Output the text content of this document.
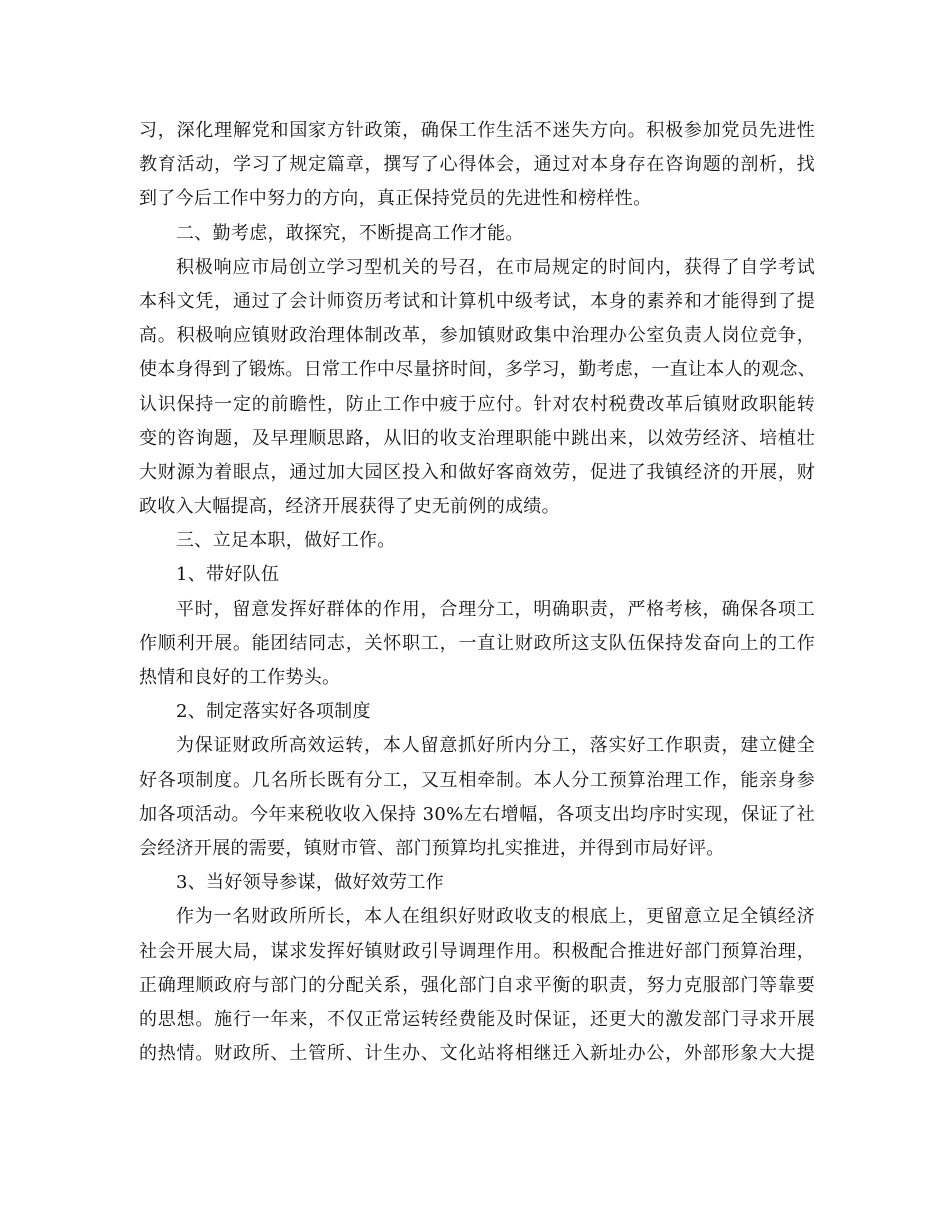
习，深化理解党和国家方针政策，确保工作生活不迷失方向。积极参加党员先进性
教育活动，学习了规定篇章，撰写了心得体会，通过对本身存在咨询题的剖析，找
到了今后工作中努力的方向，真正保持党员的先进性和榜样性。
二、勤考虑，敢探究，不断提高工作才能。
积极响应市局创立学习型机关的号召，在市局规定的时间内，获得了自学考试
本科文凭，通过了会计师资历考试和计算机中级考试，本身的素养和才能得到了提
高。积极响应镇财政治理体制改革，参加镇财政集中治理办公室负责人岗位竞争，
使本身得到了锻炼。日常工作中尽量挤时间，多学习，勤考虑，一直让本人的观念、
认识保持一定的前瞻性，防止工作中疲于应付。针对农村税费改革后镇财政职能转
变的咨询题，及早理顺思路，从旧的收支治理职能中跳出来，以效劳经济、培植壮
大财源为着眼点，通过加大园区投入和做好客商效劳，促进了我镇经济的开展，财
政收入大幅提高，经济开展获得了史无前例的成绩。
三、立足本职，做好工作。
1、带好队伍
平时，留意发挥好群体的作用，合理分工，明确职责，严格考核，确保各项工
作顺利开展。能团结同志，关怀职工，一直让财政所这支队伍保持发奋向上的工作
热情和良好的工作势头。
2、制定落实好各项制度
为保证财政所高效运转，本人留意抓好所内分工，落实好工作职责，建立健全
好各项制度。几名所长既有分工，又互相牵制。本人分工预算治理工作，能亲身参
加各项活动。今年来税收收入保持 30%左右增幅，各项支出均序时实现，保证了社
会经济开展的需要，镇财市管、部门预算均扎实推进，并得到市局好评。
3、当好领导参谋，做好效劳工作
作为一名财政所所长，本人在组织好财政收支的根底上，更留意立足全镇经济
社会开展大局，谋求发挥好镇财政引导调理作用。积极配合推进好部门预算治理，
正确理顺政府与部门的分配关系，强化部门自求平衡的职责，努力克服部门等靠要
的思想。施行一年来，不仅正常运转经费能及时保证，还更大的激发部门寻求开展
的热情。财政所、土管所、计生办、文化站将相继迁入新址办公，外部形象大大提
